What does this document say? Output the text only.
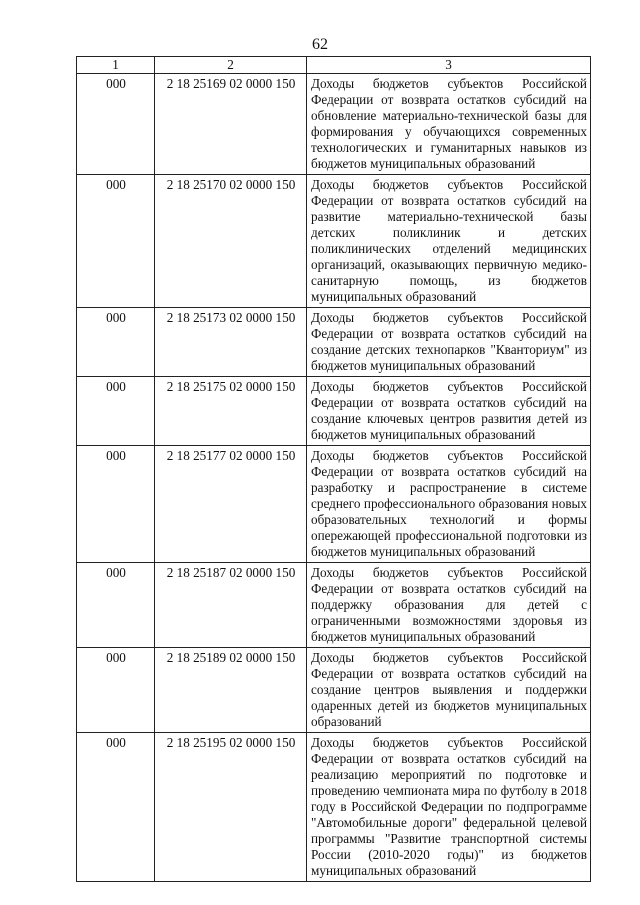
62
1	2	3
000	2 18 25169 02 0000 150	Доходы бюджетов субъектов Российской Федерации от возврата остатков субсидий на обновление материально-технической базы для формирования у обучающихся современных технологических и гуманитарных навыков из бюджетов муниципальных образований
000	2 18 25170 02 0000 150	Доходы бюджетов субъектов Российской Федерации от возврата остатков субсидий на развитие материально-технической базы детских поликлиник и детских поликлинических отделений медицинских организаций, оказывающих первичную медико-санитарную помощь, из бюджетов муниципальных образований
000	2 18 25173 02 0000 150	Доходы бюджетов субъектов Российской Федерации от возврата остатков субсидий на создание детских технопарков "Кванториум" из бюджетов муниципальных образований
000	2 18 25175 02 0000 150	Доходы бюджетов субъектов Российской Федерации от возврата остатков субсидий на создание ключевых центров развития детей из бюджетов муниципальных образований
000	2 18 25177 02 0000 150	Доходы бюджетов субъектов Российской Федерации от возврата остатков субсидий на разработку и распространение в системе среднего профессионального образования новых образовательных технологий и формы опережающей профессиональной подготовки из бюджетов муниципальных образований
000	2 18 25187 02 0000 150	Доходы бюджетов субъектов Российской Федерации от возврата остатков субсидий на поддержку образования для детей с ограниченными возможностями здоровья из бюджетов муниципальных образований
000	2 18 25189 02 0000 150	Доходы бюджетов субъектов Российской Федерации от возврата остатков субсидий на создание центров выявления и поддержки одаренных детей из бюджетов муниципальных образований
000	2 18 25195 02 0000 150	Доходы бюджетов субъектов Российской Федерации от возврата остатков субсидий на реализацию мероприятий по подготовке и проведению чемпионата мира по футболу в 2018 году в Российской Федерации по подпрограмме "Автомобильные дороги" федеральной целевой программы "Развитие транспортной системы России (2010-2020 годы)" из бюджетов муниципальных образований
